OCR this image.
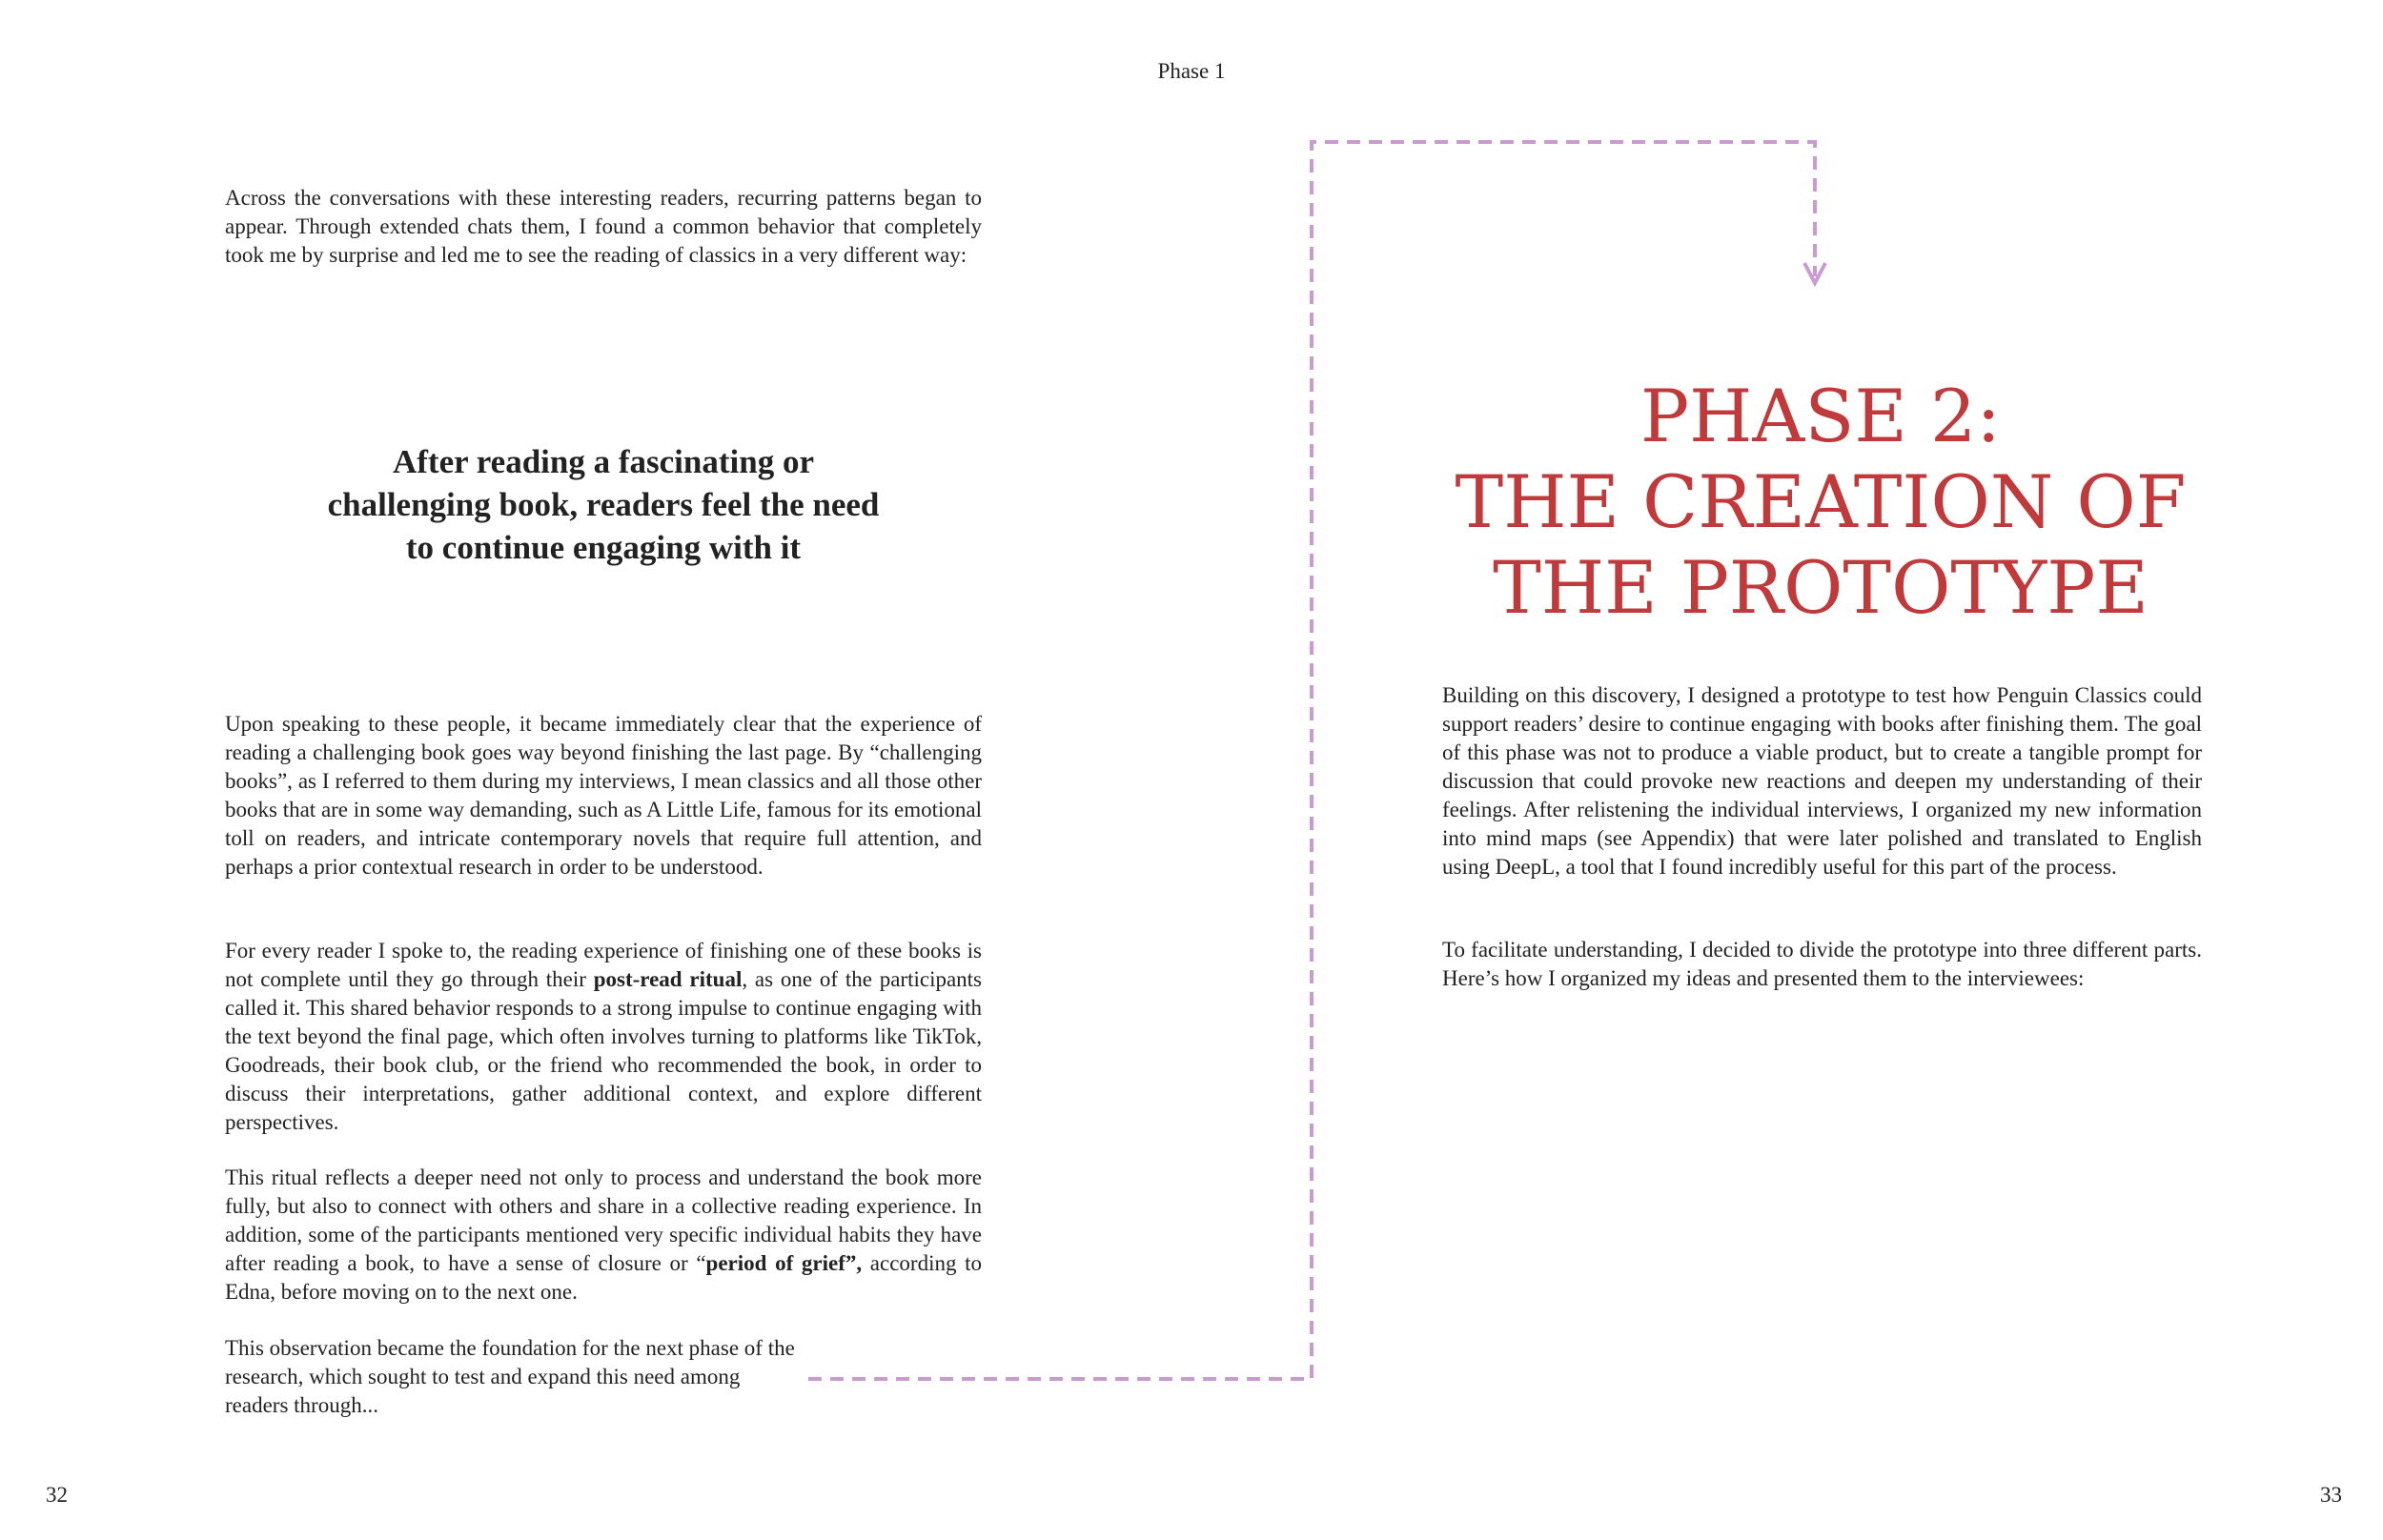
Phase 1

Across the conversations with these interesting readers, recurring patterns began to appear. Through extended chats them, I found a common behavior that completely took me by surprise and led me to see the reading of classics in a very different way:

After reading a fascinating or
challenging book, readers feel the need
to continue engaging with it

Upon speaking to these people, it became immediately clear that the experience of reading a challenging book goes way beyond finishing the last page. By “challenging books”, as I referred to them during my interviews, I mean classics and all those other books that are in some way demanding, such as A Little Life, famous for its emotional toll on readers, and intricate contemporary novels that require full attention, and perhaps a prior contextual research in order to be understood.

For every reader I spoke to, the reading experience of finishing one of these books is not complete until they go through their post-read ritual, as one of the participants called it. This shared behavior responds to a strong impulse to continue engaging with the text beyond the final page, which often involves turning to platforms like TikTok, Goodreads, their book club, or the friend who recommended the book, in order to discuss their interpretations, gather additional context, and explore different perspectives.

This ritual reflects a deeper need not only to process and understand the book more fully, but also to connect with others and share in a collective reading experience. In addition, some of the participants mentioned very specific individual habits they have after reading a book, to have a sense of closure or “period of grief”, according to Edna, before moving on to the next one.

This observation became the foundation for the next phase of the research, which sought to test and expand this need among readers through...

PHASE 2:
THE CREATION OF
THE PROTOTYPE

Building on this discovery, I designed a prototype to test how Penguin Classics could support readers’ desire to continue engaging with books after finishing them. The goal of this phase was not to produce a viable product, but to create a tangible prompt for discussion that could provoke new reactions and deepen my understanding of their feelings. After relistening the individual interviews, I organized my new information into mind maps (see Appendix) that were later polished and translated to English using DeepL, a tool that I found incredibly useful for this part of the process.

To facilitate understanding, I decided to divide the prototype into three different parts. Here’s how I organized my ideas and presented them to the interviewees:

32	33
